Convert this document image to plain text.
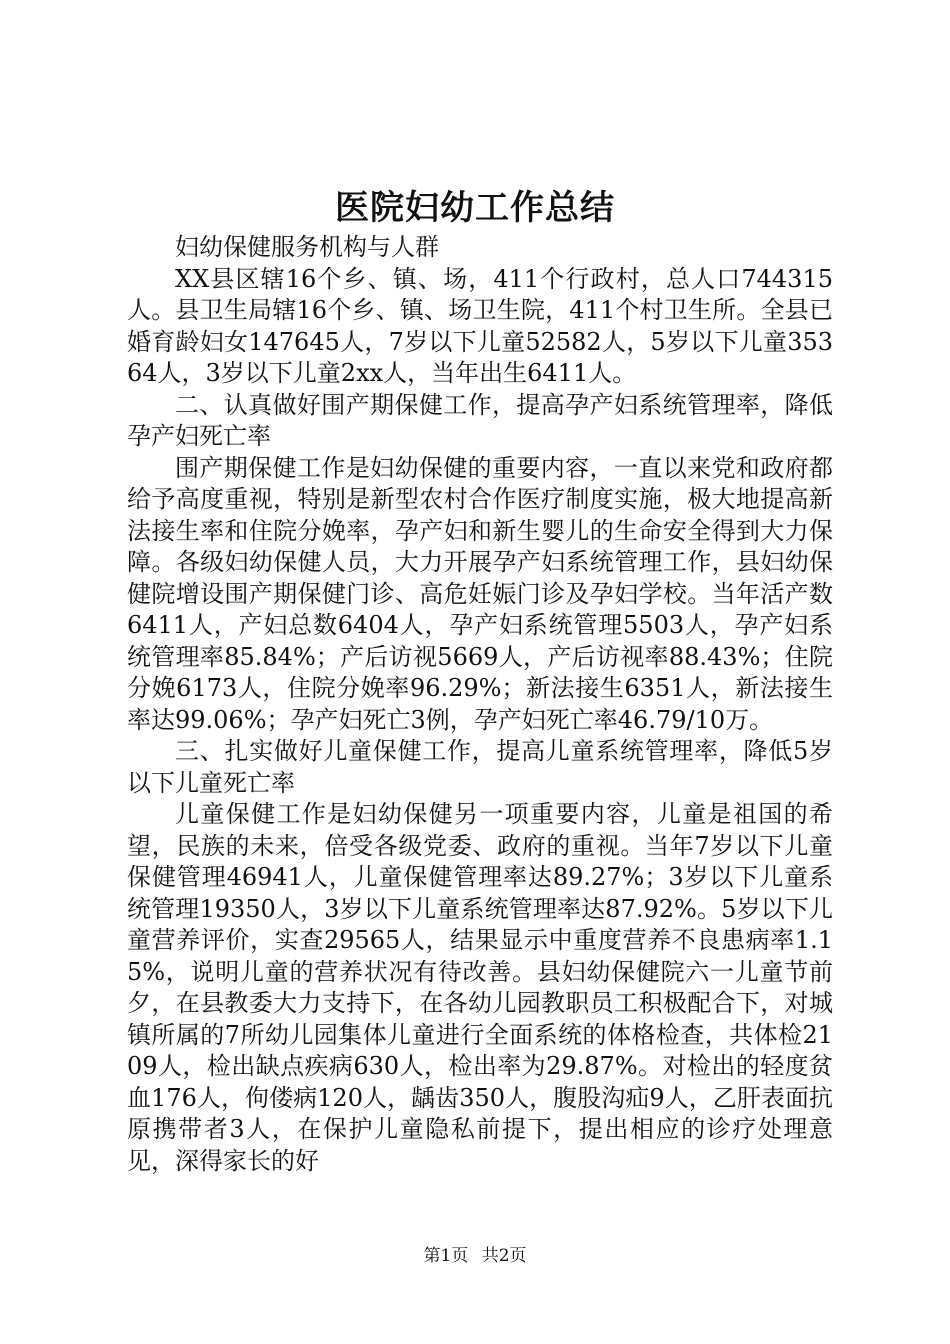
医院妇幼工作总结

妇幼保健服务机构与人群

XX县区辖16个乡、镇、场，411个行政村，总人口744315人。县卫生局辖16个乡、镇、场卫生院，411个村卫生所。全县已婚育龄妇女147645人，7岁以下儿童52582人，5岁以下儿童35364人，3岁以下儿童2xx人，当年出生6411人。

二、认真做好围产期保健工作，提高孕产妇系统管理率，降低孕产妇死亡率

围产期保健工作是妇幼保健的重要内容，一直以来党和政府都给予高度重视，特别是新型农村合作医疗制度实施，极大地提高新法接生率和住院分娩率，孕产妇和新生婴儿的生命安全得到大力保障。各级妇幼保健人员，大力开展孕产妇系统管理工作，县妇幼保健院增设围产期保健门诊、高危妊娠门诊及孕妇学校。当年活产数6411人，产妇总数6404人，孕产妇系统管理5503人，孕产妇系统管理率85.84%；产后访视5669人，产后访视率88.43%；住院分娩6173人，住院分娩率96.29%；新法接生6351人，新法接生率达99.06%；孕产妇死亡3例，孕产妇死亡率46.79/10万。

三、扎实做好儿童保健工作，提高儿童系统管理率，降低5岁以下儿童死亡率

儿童保健工作是妇幼保健另一项重要内容，儿童是祖国的希望，民族的未来，倍受各级党委、政府的重视。当年7岁以下儿童保健管理46941人，儿童保健管理率达89.27%；3岁以下儿童系统管理19350人，3岁以下儿童系统管理率达87.92%。5岁以下儿童营养评价，实查29565人，结果显示中重度营养不良患病率1.15%，说明儿童的营养状况有待改善。县妇幼保健院六一儿童节前夕，在县教委大力支持下，在各幼儿园教职员工积极配合下，对城镇所属的7所幼儿园集体儿童进行全面系统的体格检查，共体检2109人，检出缺点疾病630人，检出率为29.87%。对检出的轻度贫血176人，佝偻病120人，龋齿350人，腹股沟疝9人，乙肝表面抗原携带者3人，在保护儿童隐私前提下，提出相应的诊疗处理意见，深得家长的好

第1页 共2页
